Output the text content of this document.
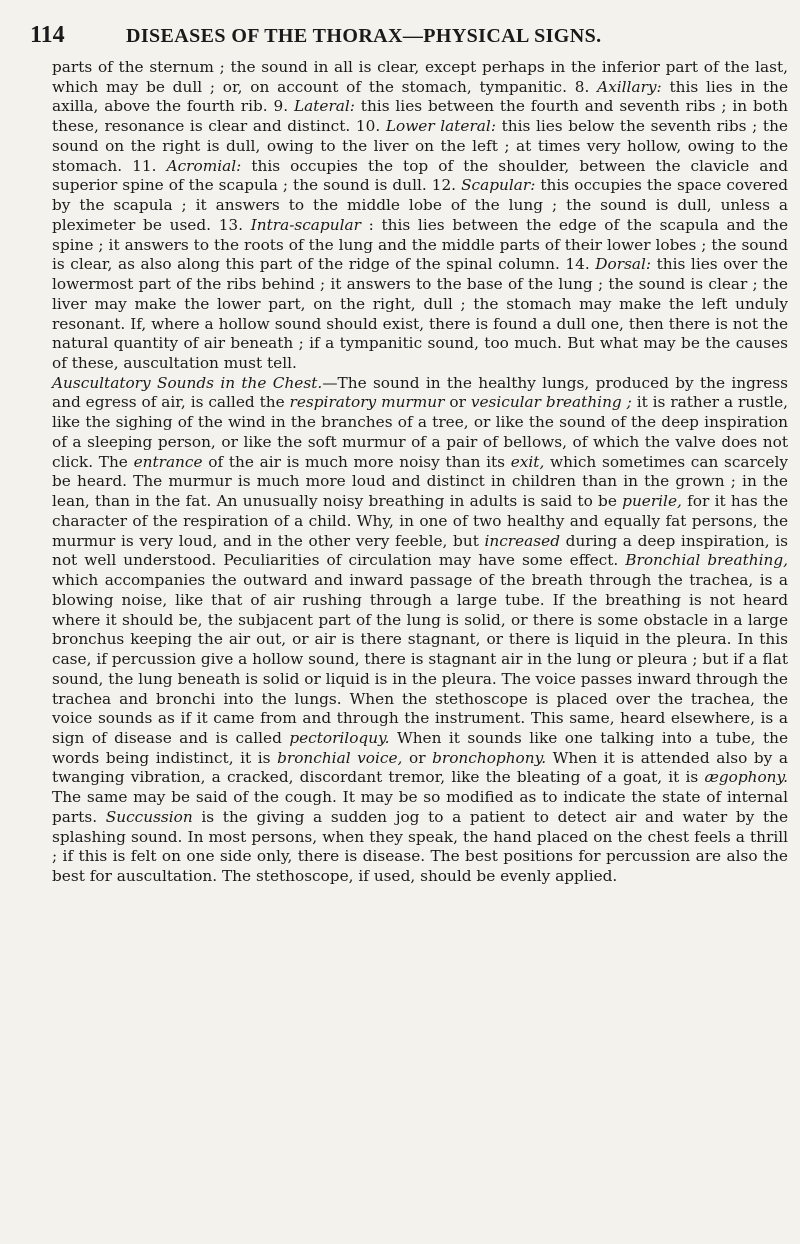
114	DISEASES OF THE THORAX—PHYSICAL SIGNS.

parts of the sternum ; the sound in all is clear, except perhaps in the inferior part of the last, which may be dull ; or, on account of the stomach, tympanitic. 8. Axillary: this lies in the axilla, above the fourth rib. 9. Lateral: this lies between the fourth and seventh ribs ; in both these, resonance is clear and distinct. 10. Lower lateral: this lies below the seventh ribs ; the sound on the right is dull, owing to the liver on the left ; at times very hollow, owing to the stomach. 11. Acromial: this occupies the top of the shoulder, between the clavicle and superior spine of the scapula ; the sound is dull. 12. Scapular: this occupies the space covered by the scapula ; it answers to the middle lobe of the lung ; the sound is dull, unless a pleximeter be used. 13. Intra-scapular : this lies between the edge of the scapula and the spine ; it answers to the roots of the lung and the middle parts of their lower lobes ; the sound is clear, as also along this part of the ridge of the spinal column. 14. Dorsal: this lies over the lowermost part of the ribs behind ; it answers to the base of the lung ; the sound is clear ; the liver may make the lower part, on the right, dull ; the stomach may make the left unduly resonant. If, where a hollow sound should exist, there is found a dull one, then there is not the natural quantity of air beneath ; if a tympanitic sound, too much. But what may be the causes of these, auscultation must tell.

Auscultatory Sounds in the Chest.—The sound in the healthy lungs, produced by the ingress and egress of air, is called the respiratory murmur or vesicular breathing ; it is rather a rustle, like the sighing of the wind in the branches of a tree, or like the sound of the deep inspiration of a sleeping person, or like the soft murmur of a pair of bellows, of which the valve does not click. The entrance of the air is much more noisy than its exit, which sometimes can scarcely be heard. The murmur is much more loud and distinct in children than in the grown ; in the lean, than in the fat. An unusually noisy breathing in adults is said to be puerile, for it has the character of the respiration of a child. Why, in one of two healthy and equally fat persons, the murmur is very loud, and in the other very feeble, but increased during a deep inspiration, is not well understood. Peculiarities of circulation may have some effect. Bronchial breathing, which accompanies the outward and inward passage of the breath through the trachea, is a blowing noise, like that of air rushing through a large tube. If the breathing is not heard where it should be, the subjacent part of the lung is solid, or there is some obstacle in a large bronchus keeping the air out, or air is there stagnant, or there is liquid in the pleura. In this case, if percussion give a hollow sound, there is stagnant air in the lung or pleura ; but if a flat sound, the lung beneath is solid or liquid is in the pleura. The voice passes inward through the trachea and bronchi into the lungs. When the stethoscope is placed over the trachea, the voice sounds as if it came from and through the instrument. This same, heard elsewhere, is a sign of disease and is called pectoriloquy. When it sounds like one talking into a tube, the words being indistinct, it is bronchial voice, or bronchophony. When it is attended also by a twanging vibration, a cracked, discordant tremor, like the bleating of a goat, it is ægophony. The same may be said of the cough. It may be so modified as to indicate the state of internal parts. Succussion is the giving a sudden jog to a patient to detect air and water by the splashing sound. In most persons, when they speak, the hand placed on the chest feels a thrill ; if this is felt on one side only, there is disease. The best positions for percussion are also the best for auscultation. The stethoscope, if used, should be evenly applied.
